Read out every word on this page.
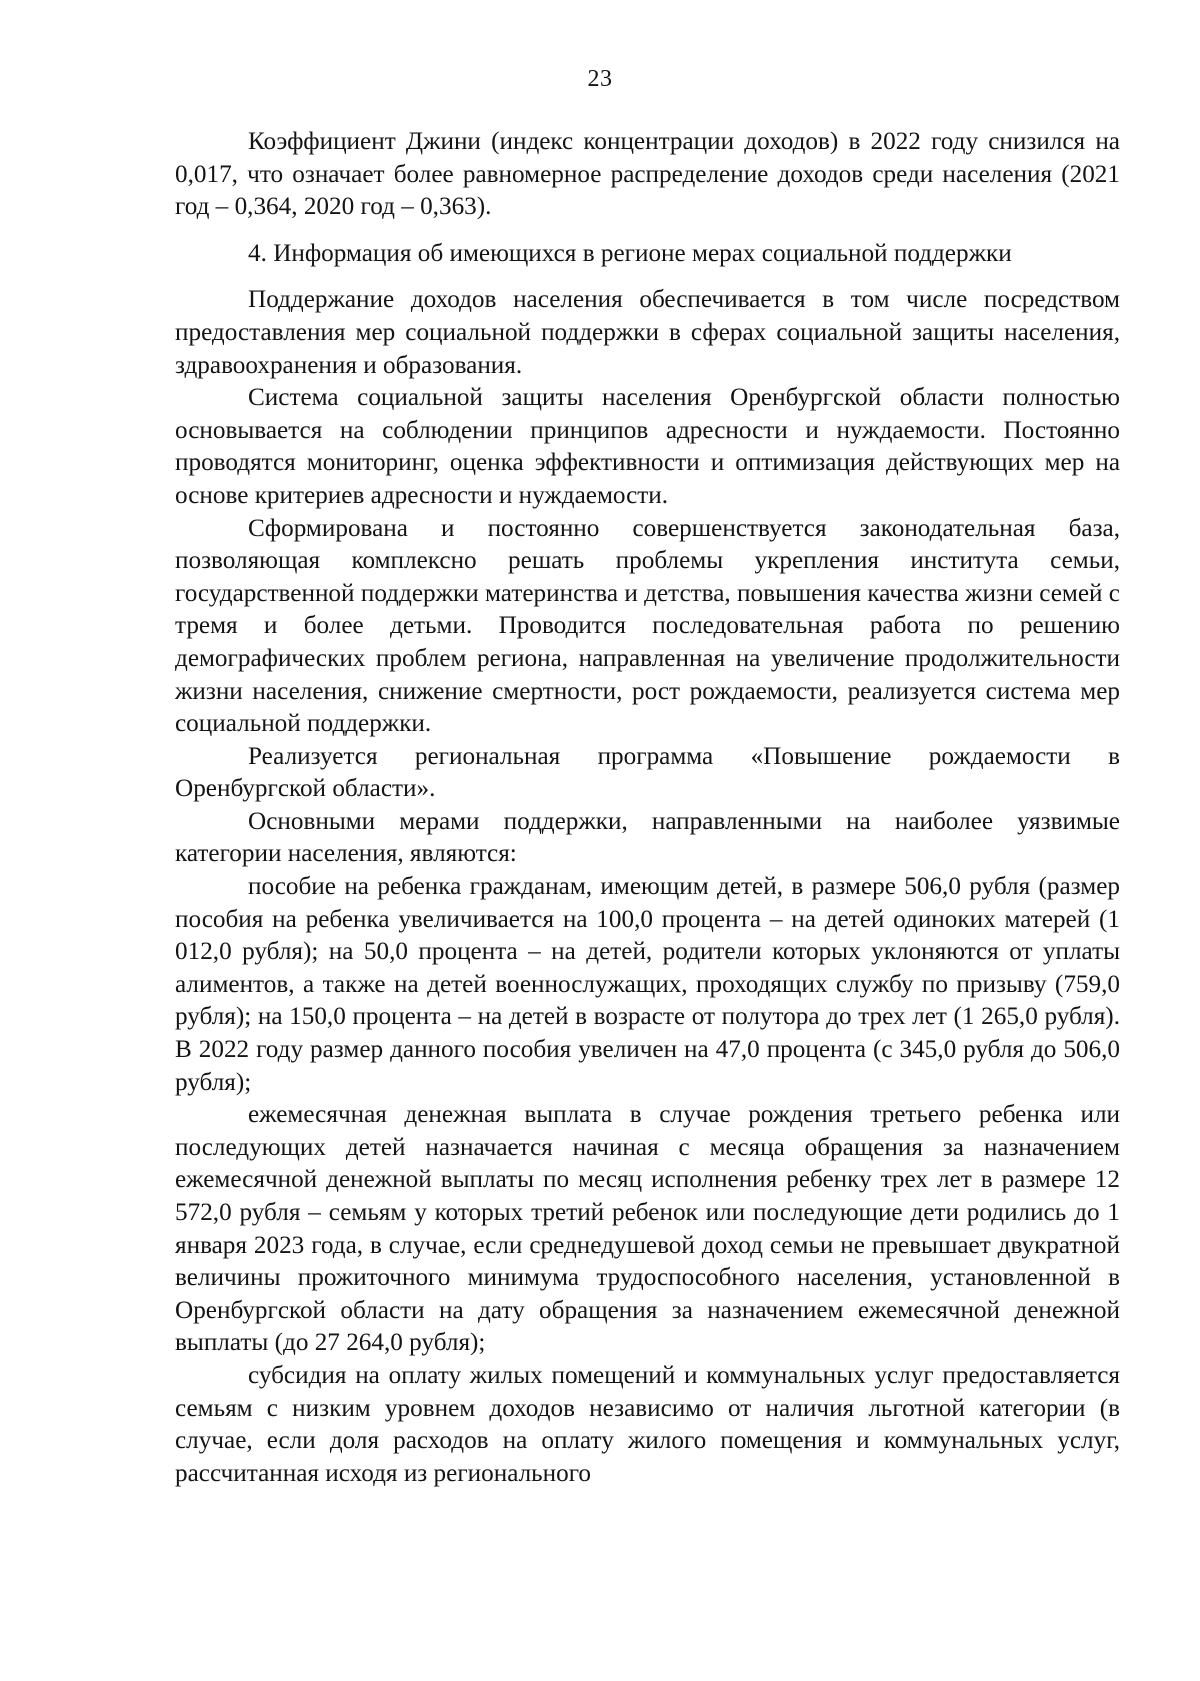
23

Коэффициент Джини (индекс концентрации доходов) в 2022 году снизился на 0,017, что означает более равномерное распределение доходов среди населения (2021 год – 0,364, 2020 год – 0,363).

4. Информация об имеющихся в регионе мерах социальной поддержки

Поддержание доходов населения обеспечивается в том числе посредством предоставления мер социальной поддержки в сферах социальной защиты населения, здравоохранения и образования.

Система социальной защиты населения Оренбургской области полностью основывается на соблюдении принципов адресности и нуждаемости. Постоянно проводятся мониторинг, оценка эффективности и оптимизация действующих мер на основе критериев адресности и нуждаемости.

Сформирована и постоянно совершенствуется законодательная база, позволяющая комплексно решать проблемы укрепления института семьи, государственной поддержки материнства и детства, повышения качества жизни семей с тремя и более детьми. Проводится последовательная работа по решению демографических проблем региона, направленная на увеличение продолжительности жизни населения, снижение смертности, рост рождаемости, реализуется система мер социальной поддержки.

Реализуется региональная программа «Повышение рождаемости в Оренбургской области».

Основными мерами поддержки, направленными на наиболее уязвимые категории населения, являются:

пособие на ребенка гражданам, имеющим детей, в размере 506,0 рубля (размер пособия на ребенка увеличивается на 100,0 процента – на детей одиноких матерей (1 012,0 рубля); на 50,0 процента – на детей, родители которых уклоняются от уплаты алиментов, а также на детей военнослужащих, проходящих службу по призыву (759,0 рубля); на 150,0 процента – на детей в возрасте от полутора до трех лет (1 265,0 рубля). В 2022 году размер данного пособия увеличен на 47,0 процента (с 345,0 рубля до 506,0 рубля);

ежемесячная денежная выплата в случае рождения третьего ребенка или последующих детей назначается начиная с месяца обращения за назначением ежемесячной денежной выплаты по месяц исполнения ребенку трех лет в размере 12 572,0 рубля – семьям у которых третий ребенок или последующие дети родились до 1 января 2023 года, в случае, если среднедушевой доход семьи не превышает двукратной величины прожиточного минимума трудоспособного населения, установленной в Оренбургской области на дату обращения за назначением ежемесячной денежной выплаты (до 27 264,0 рубля);

субсидия на оплату жилых помещений и коммунальных услуг предоставляется семьям с низким уровнем доходов независимо от наличия льготной категории (в случае, если доля расходов на оплату жилого помещения и коммунальных услуг, рассчитанная исходя из регионального
